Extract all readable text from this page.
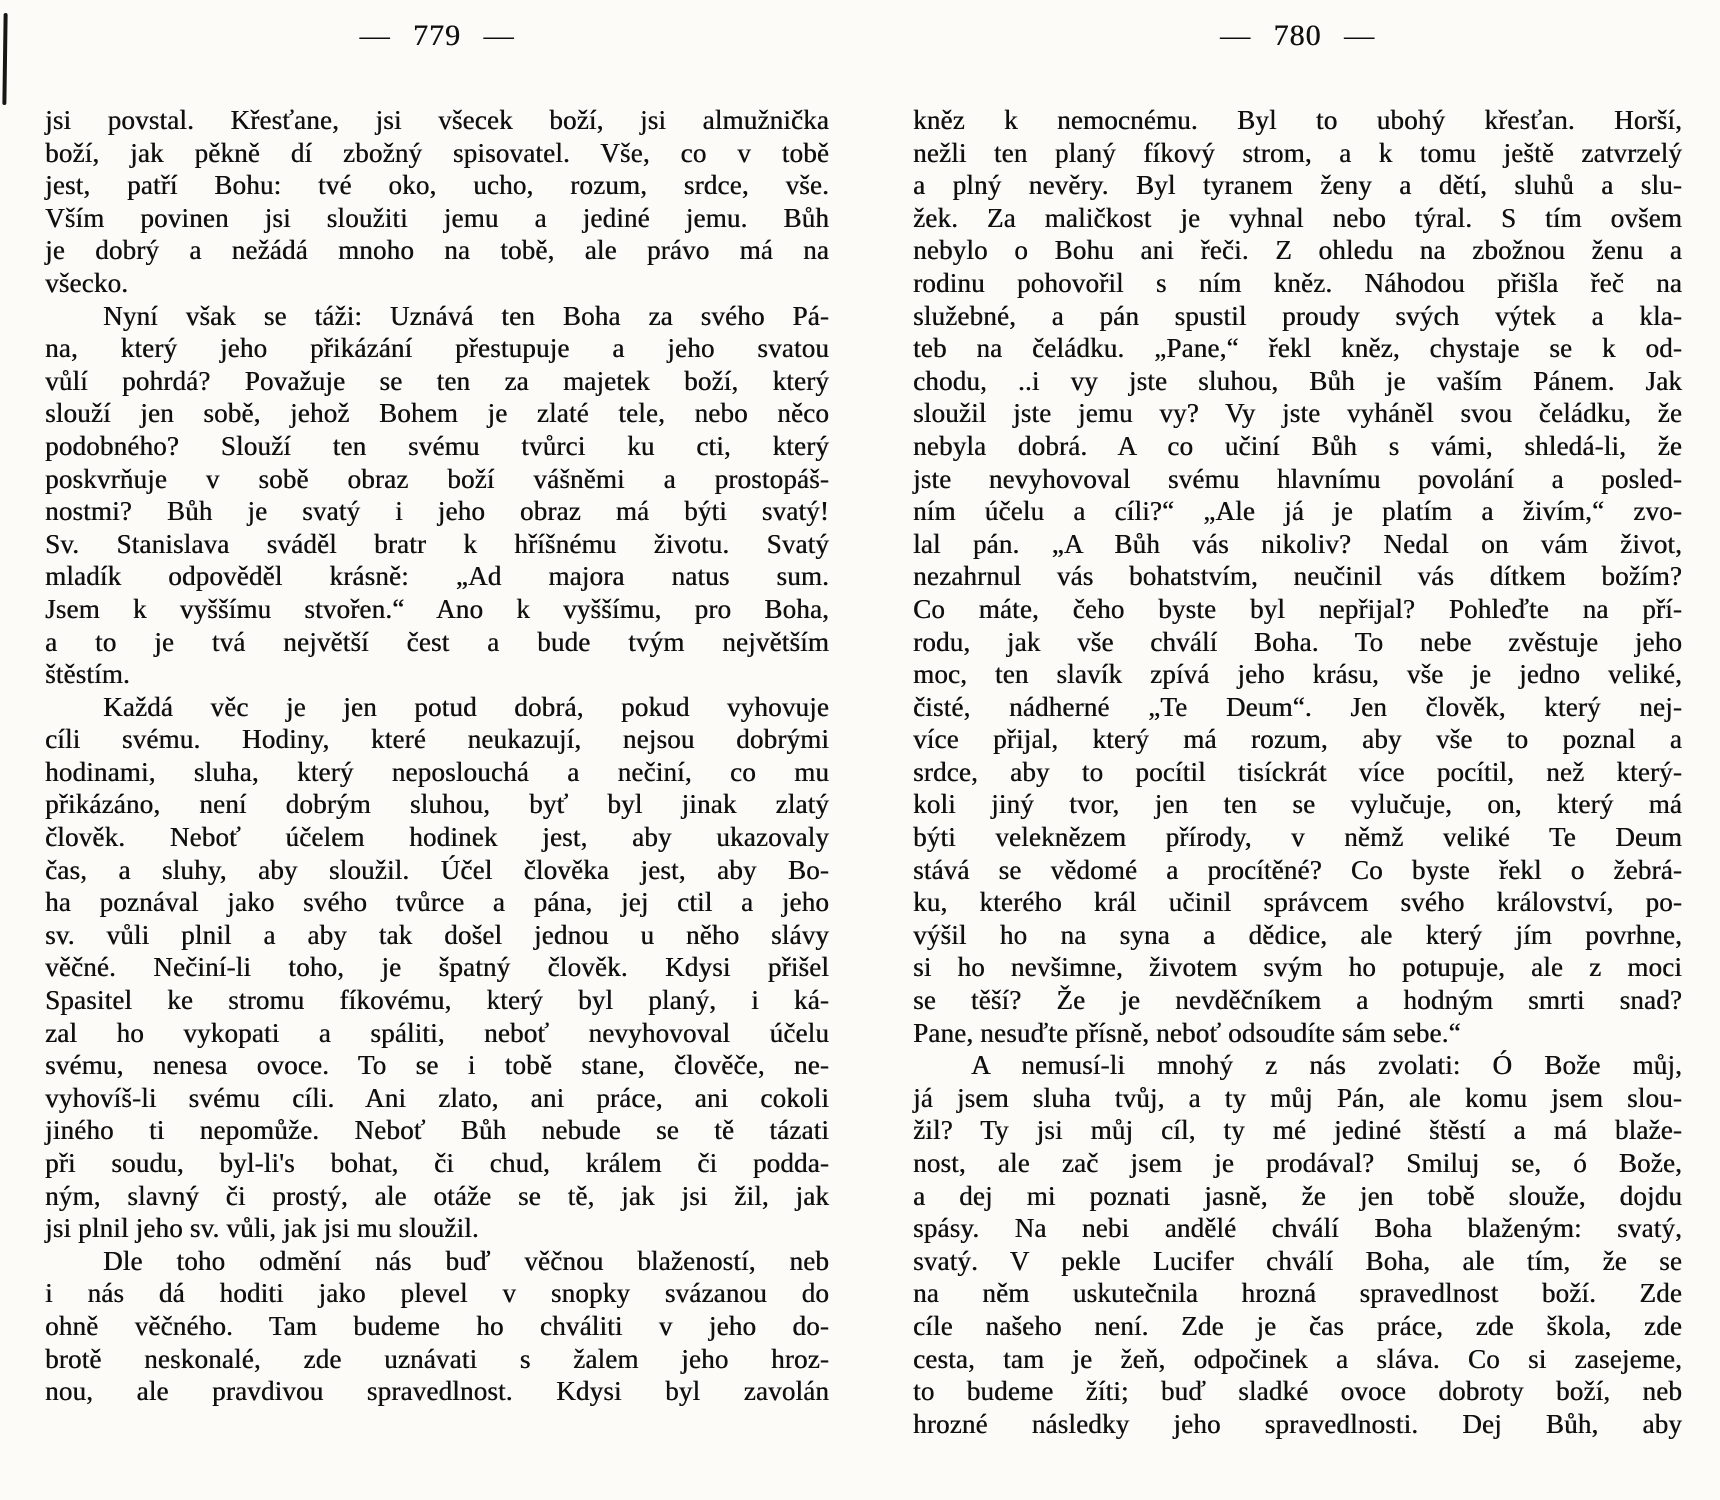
— 779 —
jsi povstal. Křesťane, jsi všecek boží, jsi almužnička
boží, jak pěkně dí zbožný spisovatel. Vše, co v tobě
jest, patří Bohu: tvé oko, ucho, rozum, srdce, vše.
Vším povinen jsi sloužiti jemu a jediné jemu. Bůh
je dobrý a nežádá mnoho na tobě, ale právo má na
všecko.
Nyní však se táži: Uznává ten Boha za svého Pá-
na, který jeho přikázání přestupuje a jeho svatou
vůlí pohrdá? Považuje se ten za majetek boží, který
slouží jen sobě, jehož Bohem je zlaté tele, nebo něco
podobného? Slouží ten svému tvůrci ku cti, který
poskvrňuje v sobě obraz boží vášněmi a prostopáš-
nostmi? Bůh je svatý i jeho obraz má býti svatý!
Sv. Stanislava sváděl bratr k hříšnému životu. Svatý
mladík odpověděl krásně: „Ad majora natus sum.
Jsem k vyššímu stvořen.“ Ano k vyššímu, pro Boha,
a to je tvá největší čest a bude tvým největším
štěstím.
Každá věc je jen potud dobrá, pokud vyhovuje
cíli svému. Hodiny, které neukazují, nejsou dobrými
hodinami, sluha, který neposlouchá a nečiní, co mu
přikázáno, není dobrým sluhou, byť byl jinak zlatý
člověk. Neboť účelem hodinek jest, aby ukazovaly
čas, a sluhy, aby sloužil. Účel člověka jest, aby Bo-
ha poznával jako svého tvůrce a pána, jej ctil a jeho
sv. vůli plnil a aby tak došel jednou u něho slávy
věčné. Nečiní-li toho, je špatný člověk. Kdysi přišel
Spasitel ke stromu fíkovému, který byl planý, i ká-
zal ho vykopati a spáliti, neboť nevyhovoval účelu
svému, nenesa ovoce. To se i tobě stane, člověče, ne-
vyhovíš-li svému cíli. Ani zlato, ani práce, ani cokoli
jiného ti nepomůže. Neboť Bůh nebude se tě tázati
při soudu, byl-li's bohat, či chud, králem či podda-
ným, slavný či prostý, ale otáže se tě, jak jsi žil, jak
jsi plnil jeho sv. vůli, jak jsi mu sloužil.
Dle toho odmění nás buď věčnou blažeností, neb
i nás dá hoditi jako plevel v snopky svázanou do
ohně věčného. Tam budeme ho chváliti v jeho do-
brotě neskonalé, zde uznávati s žalem jeho hroz-
nou, ale pravdivou spravedlnost. Kdysi byl zavolán
— 780 —
kněz k nemocnému. Byl to ubohý křesťan. Horší,
nežli ten planý fíkový strom, a k tomu ještě zatvrzelý
a plný nevěry. Byl tyranem ženy a dětí, sluhů a slu-
žek. Za maličkost je vyhnal nebo týral. S tím ovšem
nebylo o Bohu ani řeči. Z ohledu na zbožnou ženu a
rodinu pohovořil s ním kněz. Náhodou přišla řeč na
služebné, a pán spustil proudy svých výtek a kla-
teb na čeládku. „Pane,“ řekl kněz, chystaje se k od-
chodu, ..i vy jste sluhou, Bůh je vaším Pánem. Jak
sloužil jste jemu vy? Vy jste vyháněl svou čeládku, že
nebyla dobrá. A co učiní Bůh s vámi, shledá-li, že
jste nevyhovoval svému hlavnímu povolání a posled-
ním účelu a cíli?“ „Ale já je platím a živím,“ zvo-
lal pán. „A Bůh vás nikoliv? Nedal on vám život,
nezahrnul vás bohatstvím, neučinil vás dítkem božím?
Co máte, čeho byste byl nepřijal? Pohleďte na pří-
rodu, jak vše chválí Boha. To nebe zvěstuje jeho
moc, ten slavík zpívá jeho krásu, vše je jedno veliké,
čisté, nádherné „Te Deum“. Jen člověk, který nej-
více přijal, který má rozum, aby vše to poznal a
srdce, aby to pocítil tisíckrát více pocítil, než který-
koli jiný tvor, jen ten se vylučuje, on, který má
býti veleknězem přírody, v němž veliké Te Deum
stává se vědomé a procítěné? Co byste řekl o žebrá-
ku, kterého král učinil správcem svého království, po-
výšil ho na syna a dědice, ale který jím povrhne,
si ho nevšimne, životem svým ho potupuje, ale z moci
se těší? Že je nevděčníkem a hodným smrti snad?
Pane, nesuďte přísně, neboť odsoudíte sám sebe.“
A nemusí-li mnohý z nás zvolati: Ó Bože můj,
já jsem sluha tvůj, a ty můj Pán, ale komu jsem slou-
žil? Ty jsi můj cíl, ty mé jediné štěstí a má blaže-
nost, ale zač jsem je prodával? Smiluj se, ó Bože,
a dej mi poznati jasně, že jen tobě slouže, dojdu
spásy. Na nebi andělé chválí Boha blaženým: svatý,
svatý. V pekle Lucifer chválí Boha, ale tím, že se
na něm uskutečnila hrozná spravedlnost boží. Zde
cíle našeho není. Zde je čas práce, zde škola, zde
cesta, tam je žeň, odpočinek a sláva. Co si zasejeme,
to budeme žíti; buď sladké ovoce dobroty boží, neb
hrozné následky jeho spravedlnosti. Dej Bůh, aby
